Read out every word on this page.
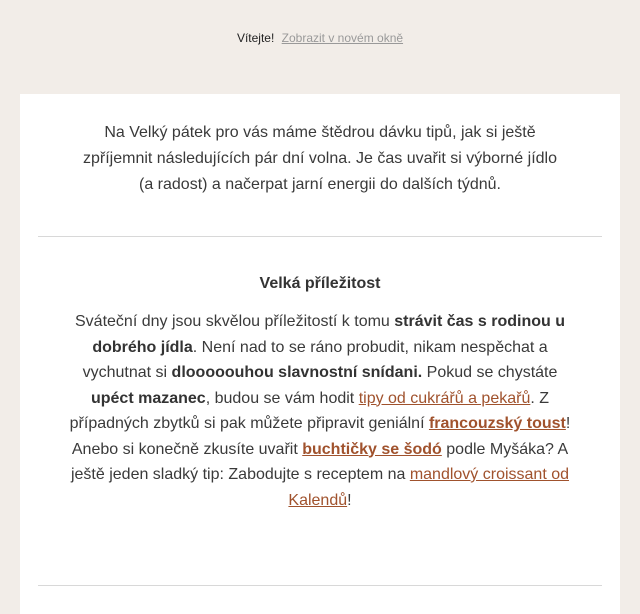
Vítejte! Zobrazit v novém okně
Na Velký pátek pro vás máme štědrou dávku tipů, jak si ještě zpříjemnit následujících pár dní volna. Je čas uvařit si výborné jídlo (a radost) a načerpat jarní energii do dalších týdnů.
Velká příležitost
Sváteční dny jsou skvělou příležitostí k tomu strávit čas s rodinou u dobrého jídla. Není nad to se ráno probudit, nikam nespěchat a vychutnat si dlooooouhou slavnostní snídani. Pokud se chystáte upéct mazanec, budou se vám hodit tipy od cukrářů a pekařů. Z případných zbytků si pak můžete připravit geniální francouzský toust! Anebo si konečně zkusíte uvařit buchtičky se šodó podle Myšáka? A ještě jeden sladký tip: Zabodujte s receptem na mandlový croissant od Kalendů!
